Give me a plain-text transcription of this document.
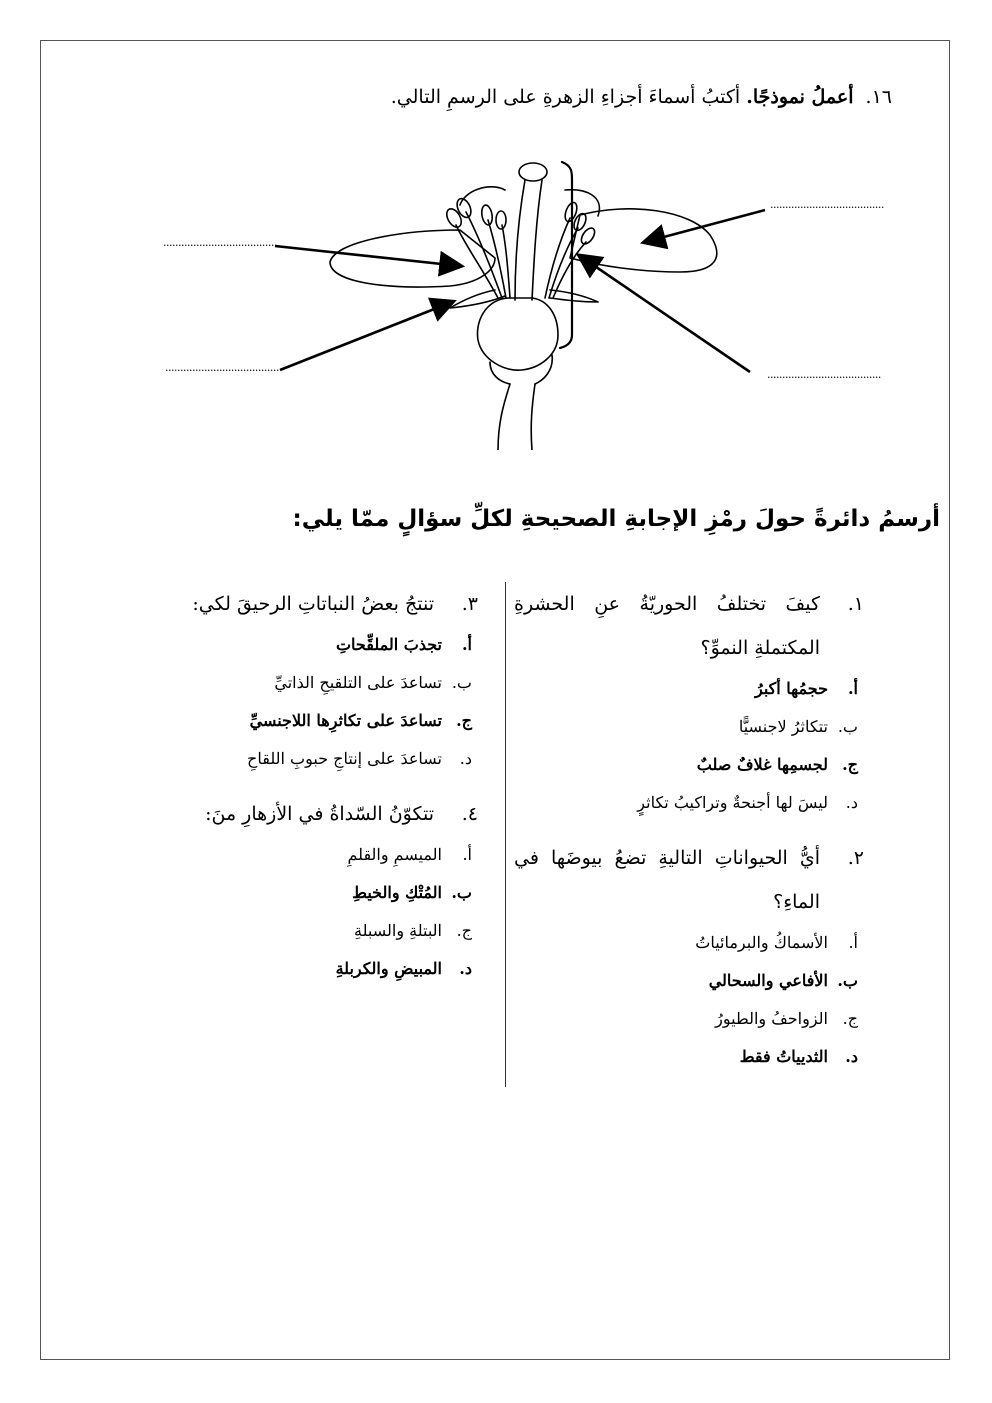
١٦.أعملُ نموذجًا. أكتبُ أسماءَ أجزاءِ الزهرةِ على الرسمِ التالي.
......................................
......................................
......................................
......................................
أرسمُ دائرةً حولَ رمْزِ الإجابةِ الصحيحةِ لكلِّ سؤالٍ ممّا يلي:
١.
كيفَ تختلفُ الحوريّةُ عنِ الحشرةِ المكتملةِ النموِّ؟
أ.
حجمُها أكبرُ
ب.
تتكاثرُ لاجنسيًّا
ج.
لجسمِها غلافٌ صلبٌ
د.
ليسَ لها أجنحةٌ وتراكيبُ تكاثرٍ
٢.
أيُّ الحيواناتِ التاليةِ تضعُ بيوضَها في الماءِ؟
أ.
الأسماكُ والبرمائياتُ
ب.
الأفاعي والسحالي
ج.
الزواحفُ والطيورُ
د.
الثديياتُ فقط
٣.
تنتجُ بعضُ النباتاتِ الرحيقَ لكي:
أ.
تجذبَ الملقِّحاتِ
ب.
تساعدَ على التلقيحِ الذاتيِّ
ج.
تساعدَ على تكاثرِها اللاجنسيِّ
د.
تساعدَ على إنتاجِ حبوبِ اللقاحِ
٤.
تتكوّنُ السّداةُ في الأزهارِ منَ:
أ.
الميسمِ والقلمِ
ب.
المُتْكِ والخيطِ
ج.
البتلةِ والسبلةِ
د.
المبيضِ والكربلةِ
